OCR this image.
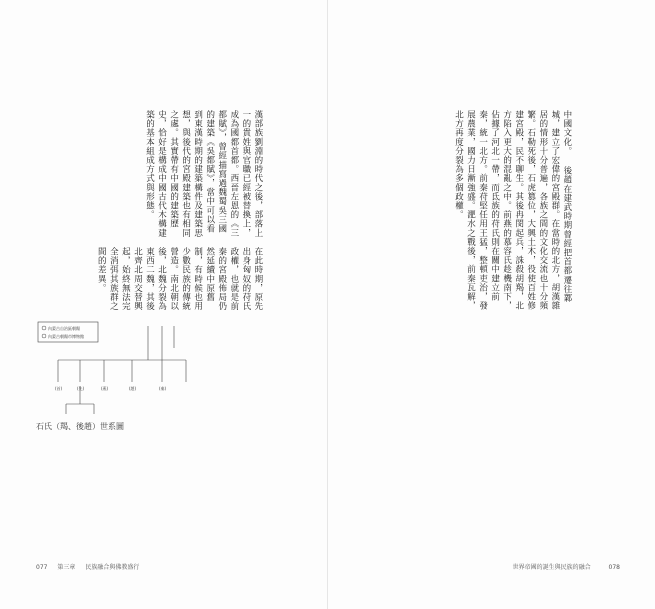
漢部族劉淵的時代之後，部落上一的貴姓與官職已經被替換上，成為國都首都。西晉左恩的《三都賦》，曾經描寫過魏蜀吳三國的建築《吳都賦》，當中可以看到東漢時期的建築構件及建築思想，與後代的宮殿建築也有相同之處。其實帶有中國的建築歷史，恰好是構成中國古代木構建築的基本組成方式與形態。

在此時期，原先出身匈奴的苻氏政權，也就是前秦的宮殿佈局仍然延續中原舊制，有時候也用少數民族的傳統營造。南北朝以後，北魏分裂為東西二魏，其後北齊北周交替興起，始終無法完全消弭其族群之間的差異。

內蒙古自治區朝陽
內蒙古朝陽市博物館
(首)	(先)	(燕)	(趙)	(秦)
石氏（羯、後趙）世系圖
077 第三章 民族融合與佛教盛行

中國文化。 後趙在建武時期曾經把首都遷往鄴城，建立了宏偉的宮殿群。在當時的北方，胡漢雜居的情形十分普遍，各族之間的文化交流也十分頻繁。石勒死後，石虎篡位，大興土木，役使百姓修建宮殿，民不聊生。其後冉閔起兵，誅殺胡羯，北方陷入更大的混亂之中。前燕的慕容氏趁機南下，佔據了河北一帶，而氐族的苻氏則在關中建立前秦，統一北方。前秦苻堅任用王猛，整頓吏治，發展農業，國力日漸強盛。淝水之戰後，前秦瓦解，北方再度分裂為多個政權。

世界帝國的誕生與民族的融合	078
